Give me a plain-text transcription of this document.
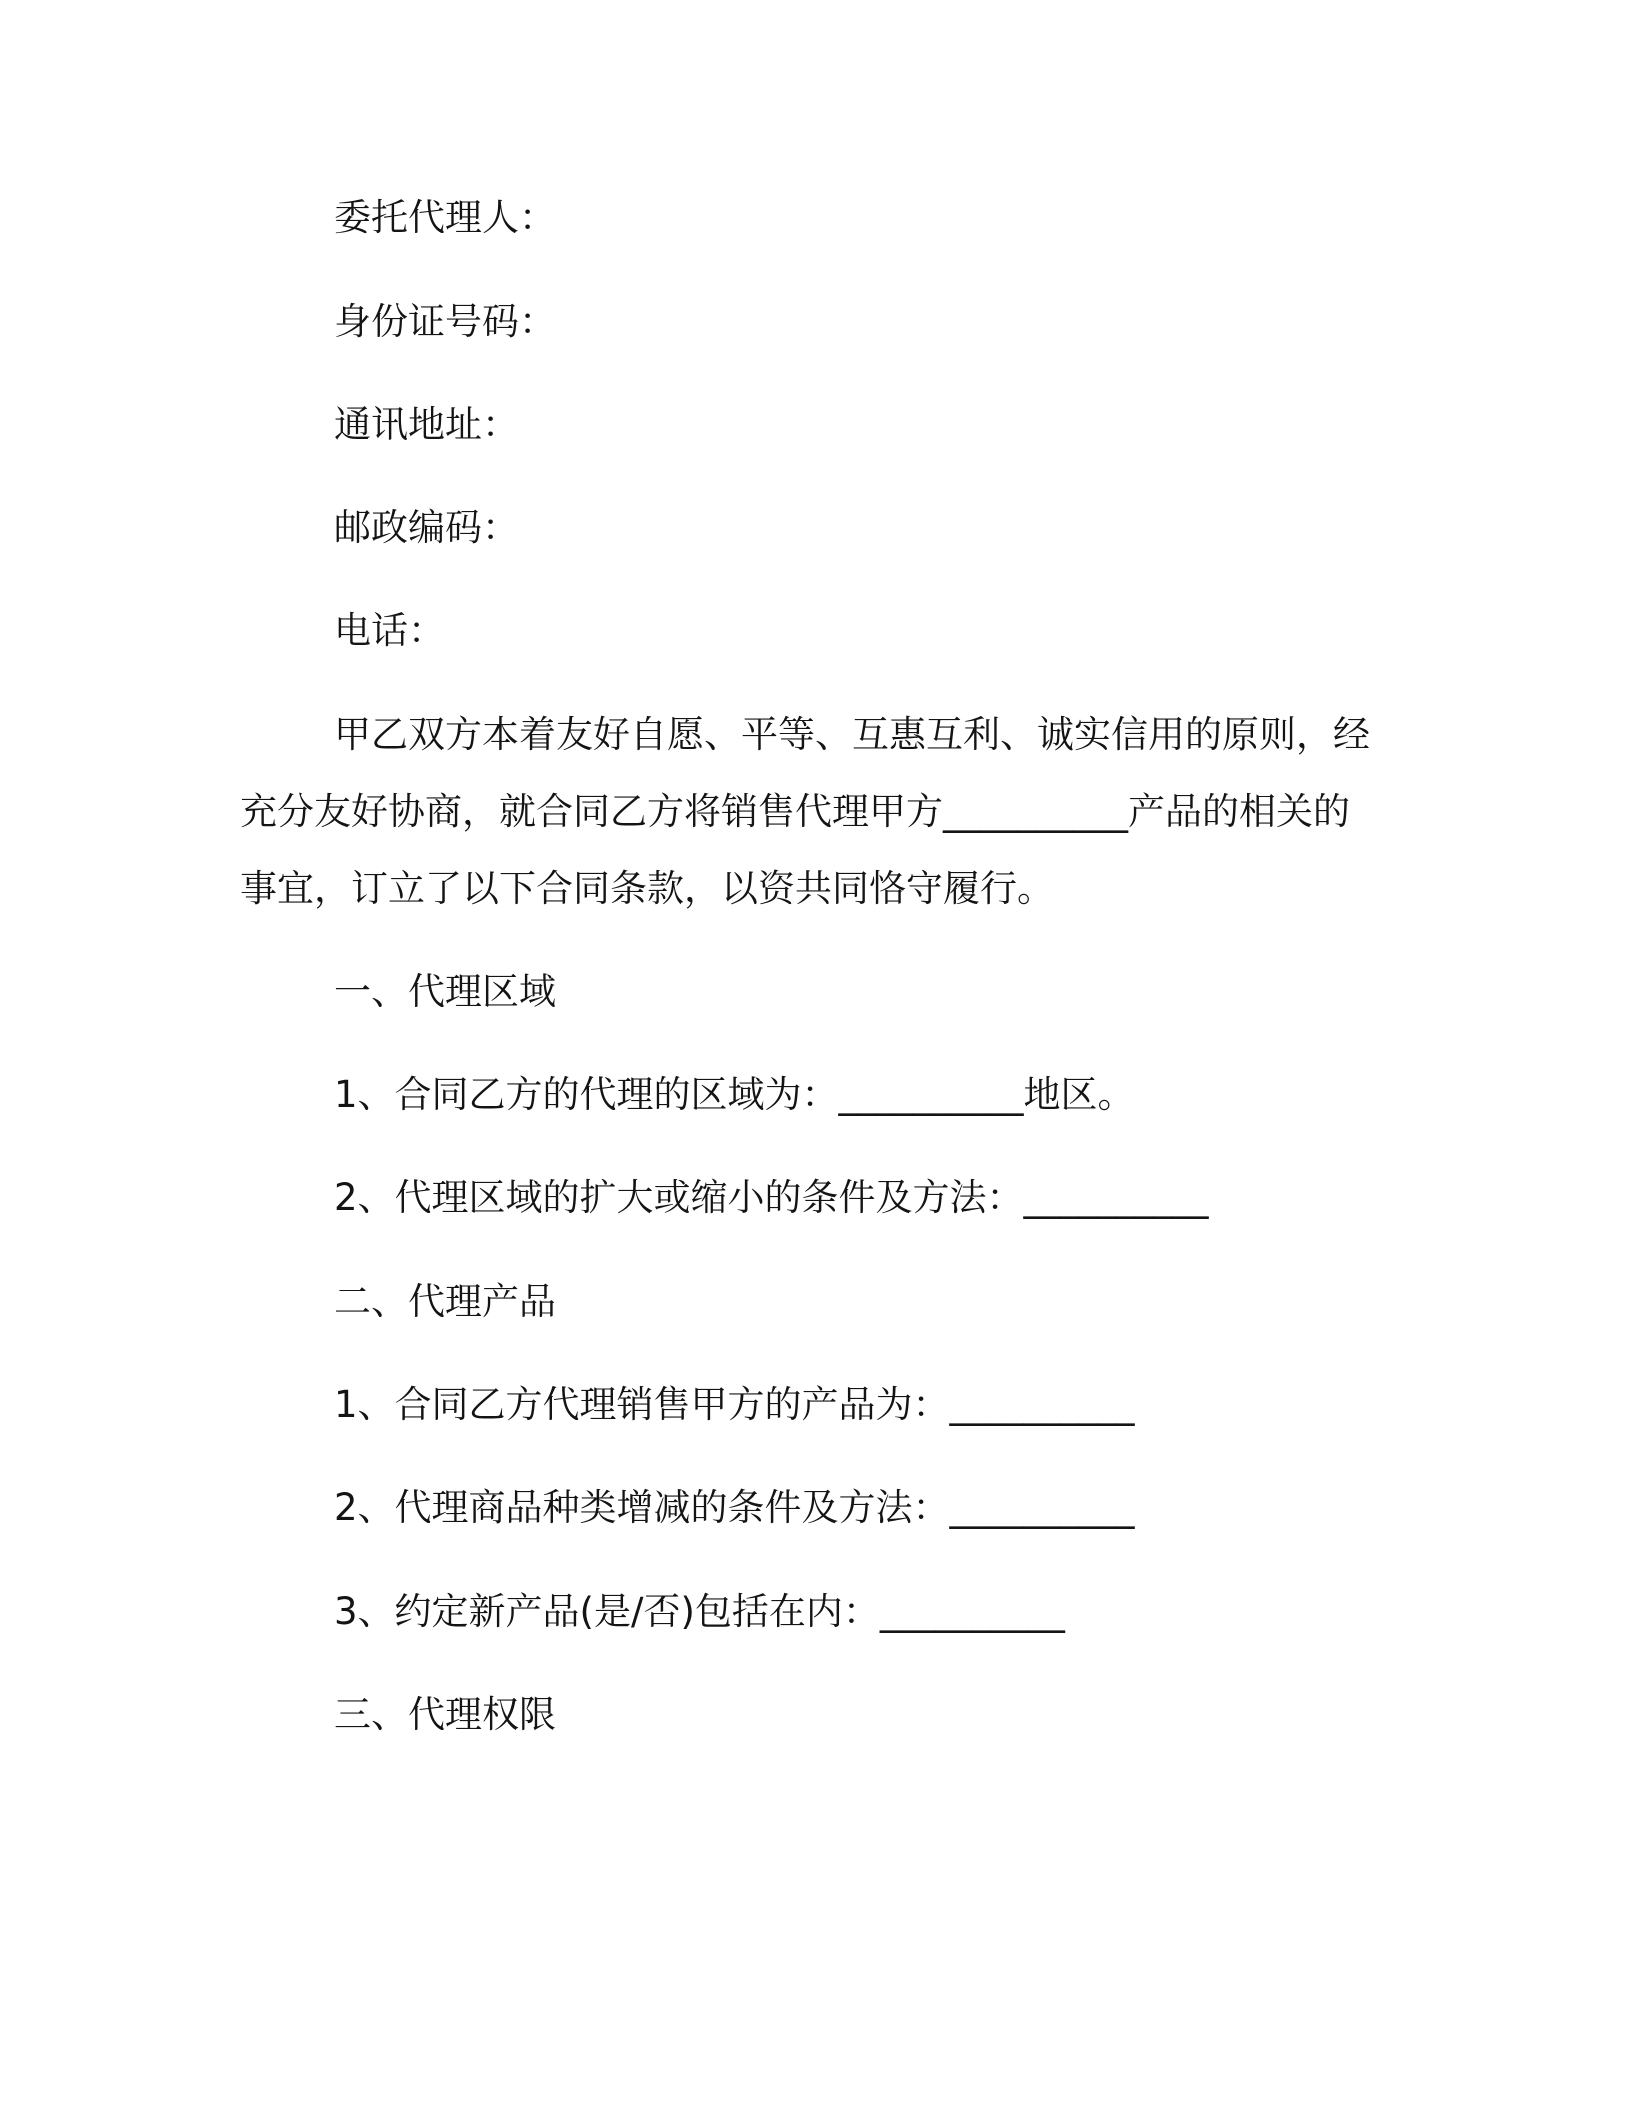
委托代理人：

身份证号码：

通讯地址：

邮政编码：

电话：

甲乙双方本着友好自愿、平等、互惠互利、诚实信用的原则，经

充分友好协商，就合同乙方将销售代理甲方__________产品的相关的

事宜，订立了以下合同条款，以资共同恪守履行。

一、代理区域

1、合同乙方的代理的区域为：__________地区。

2、代理区域的扩大或缩小的条件及方法：__________

二、代理产品

1、合同乙方代理销售甲方的产品为：__________

2、代理商品种类增减的条件及方法：__________

3、约定新产品(是/否)包括在内：__________

三、代理权限
